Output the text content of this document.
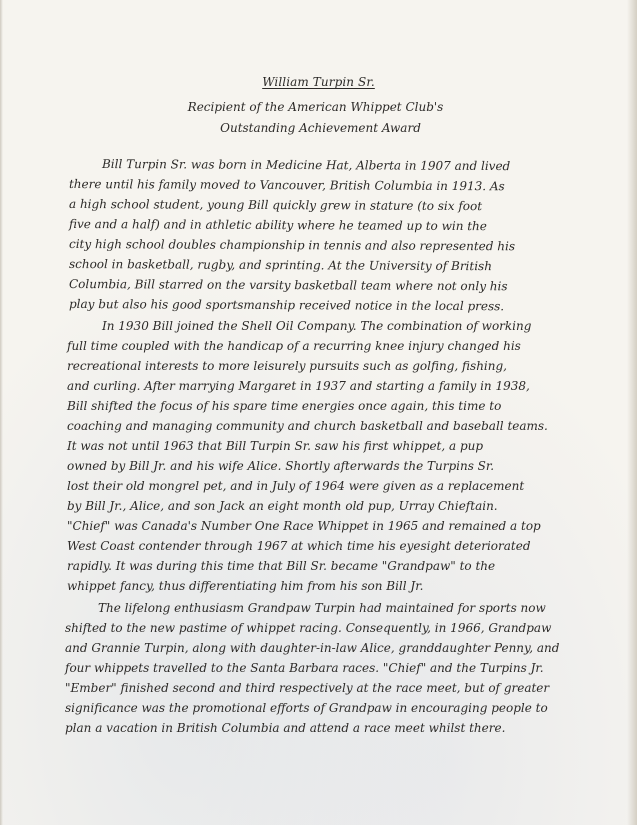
William Turpin Sr.
Recipient of the American Whippet Club's
Outstanding Achievement Award
Bill Turpin Sr. was born in Medicine Hat, Alberta in 1907 and lived
there until his family moved to Vancouver, British Columbia in 1913. As
a high school student, young Bill quickly grew in stature (to six foot
five and a half) and in athletic ability where he teamed up to win the
city high school doubles championship in tennis and also represented his
school in basketball, rugby, and sprinting. At the University of British
Columbia, Bill starred on the varsity basketball team where not only his
play but also his good sportsmanship received notice in the local press.
In 1930 Bill joined the Shell Oil Company. The combination of working
full time coupled with the handicap of a recurring knee injury changed his
recreational interests to more leisurely pursuits such as golfing, fishing,
and curling. After marrying Margaret in 1937 and starting a family in 1938,
Bill shifted the focus of his spare time energies once again, this time to
coaching and managing community and church basketball and baseball teams.
It was not until 1963 that Bill Turpin Sr. saw his first whippet, a pup
owned by Bill Jr. and his wife Alice. Shortly afterwards the Turpins Sr.
lost their old mongrel pet, and in July of 1964 were given as a replacement
by Bill Jr., Alice, and son Jack an eight month old pup, Urray Chieftain.
"Chief" was Canada's Number One Race Whippet in 1965 and remained a top
West Coast contender through 1967 at which time his eyesight deteriorated
rapidly. It was during this time that Bill Sr. became "Grandpaw" to the
whippet fancy, thus differentiating him from his son Bill Jr.
The lifelong enthusiasm Grandpaw Turpin had maintained for sports now
shifted to the new pastime of whippet racing. Consequently, in 1966, Grandpaw
and Grannie Turpin, along with daughter-in-law Alice, granddaughter Penny, and
four whippets travelled to the Santa Barbara races. "Chief" and the Turpins Jr.
"Ember" finished second and third respectively at the race meet, but of greater
significance was the promotional efforts of Grandpaw in encouraging people to
plan a vacation in British Columbia and attend a race meet whilst there.
